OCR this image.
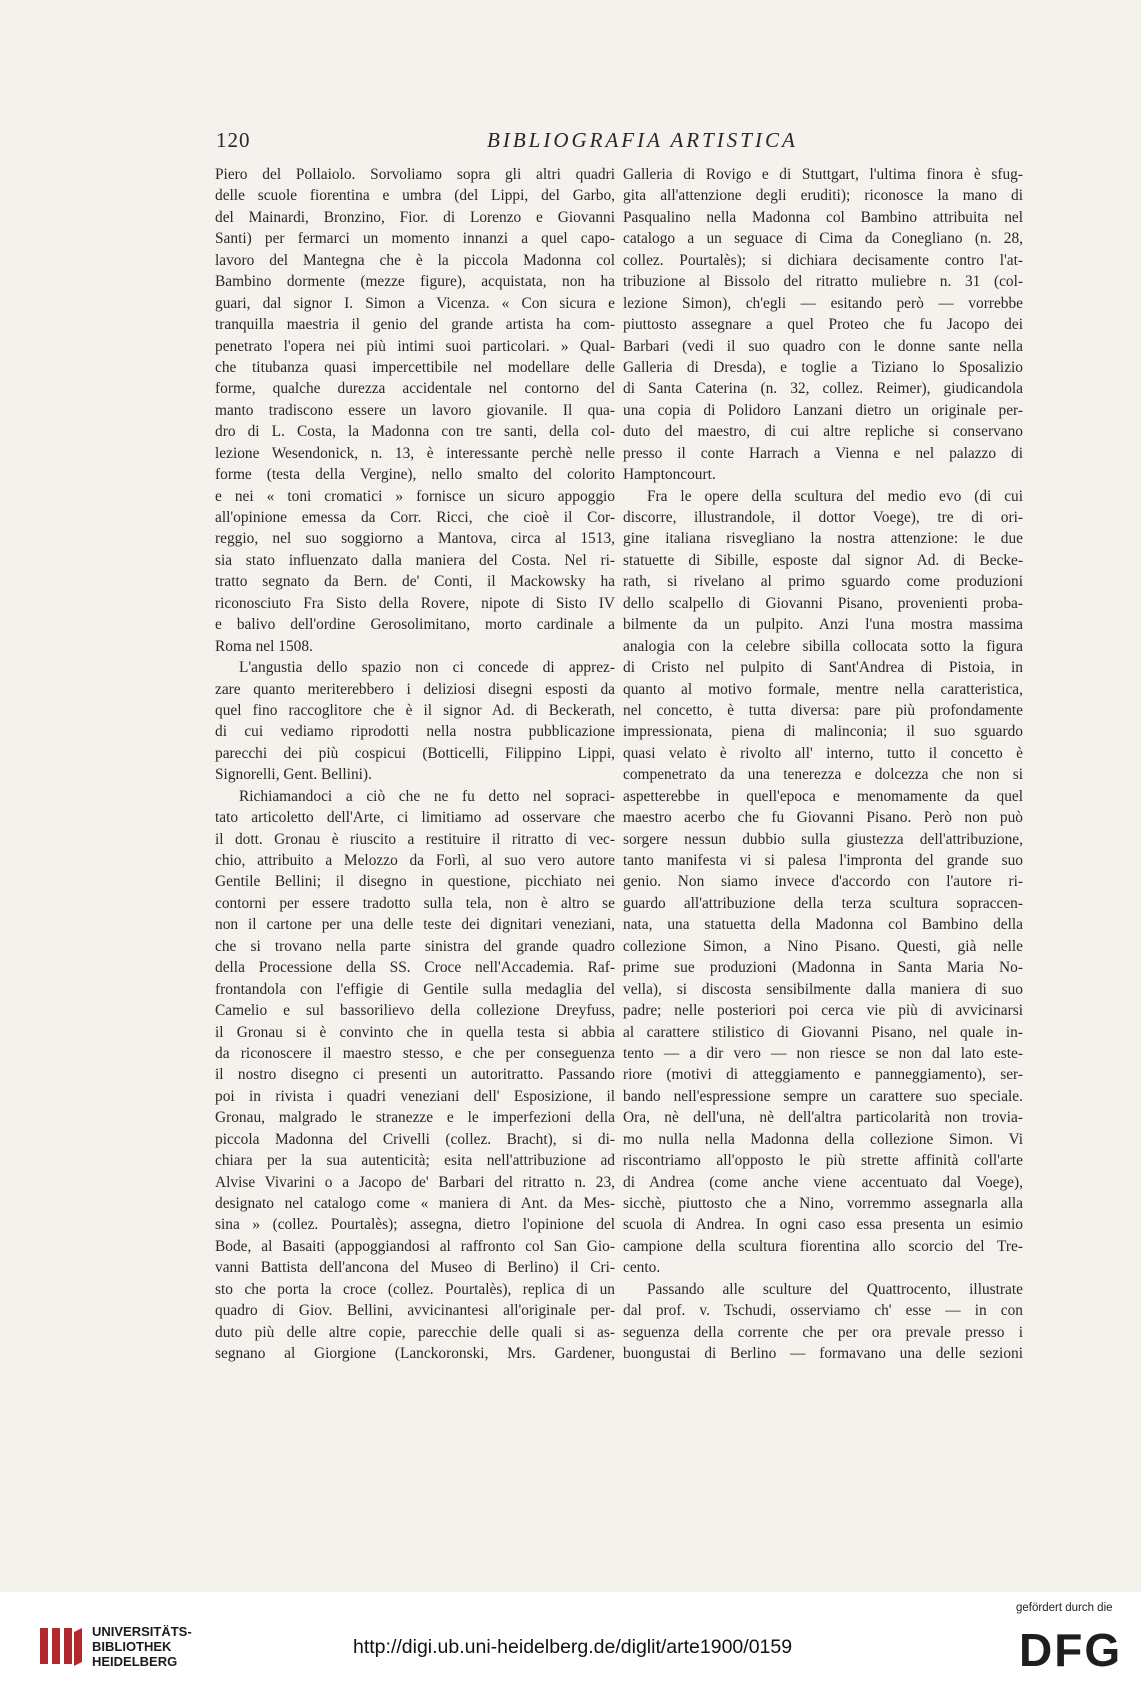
120	BIBLIOGRAFIA ARTISTICA
Piero del Pollaiolo. Sorvoliamo sopra gli altri quadri
delle scuole fiorentina e umbra (del Lippi, del Garbo,
del Mainardi, Bronzino, Fior. di Lorenzo e Giovanni
Santi) per fermarci un momento innanzi a quel capo-
lavoro del Mantegna che è la piccola Madonna col
Bambino dormente (mezze figure), acquistata, non ha
guari, dal signor I. Simon a Vicenza. « Con sicura e
tranquilla maestria il genio del grande artista ha com-
penetrato l'opera nei più intimi suoi particolari. » Qual-
che titubanza quasi impercettibile nel modellare delle
forme, qualche durezza accidentale nel contorno del
manto tradiscono essere un lavoro giovanile. Il qua-
dro di L. Costa, la Madonna con tre santi, della col-
lezione Wesendonick, n. 13, è interessante perchè nelle
forme (testa della Vergine), nello smalto del colorito
e nei « toni cromatici » fornisce un sicuro appoggio
all'opinione emessa da Corr. Ricci, che cioè il Cor-
reggio, nel suo soggiorno a Mantova, circa al 1513,
sia stato influenzato dalla maniera del Costa. Nel ri-
tratto segnato da Bern. de' Conti, il Mackowsky ha
riconosciuto Fra Sisto della Rovere, nipote di Sisto IV
e balivo dell'ordine Gerosolimitano, morto cardinale a
Roma nel 1508.
L'angustia dello spazio non ci concede di apprez-
zare quanto meriterebbero i deliziosi disegni esposti da
quel fino raccoglitore che è il signor Ad. di Beckerath,
di cui vediamo riprodotti nella nostra pubblicazione
parecchi dei più cospicui (Botticelli, Filippino Lippi,
Signorelli, Gent. Bellini).
Richiamandoci a ciò che ne fu detto nel sopraci-
tato articoletto dell'Arte, ci limitiamo ad osservare che
il dott. Gronau è riuscito a restituire il ritratto di vec-
chio, attribuito a Melozzo da Forlì, al suo vero autore
Gentile Bellini; il disegno in questione, picchiato nei
contorni per essere tradotto sulla tela, non è altro se
non il cartone per una delle teste dei dignitari veneziani,
che si trovano nella parte sinistra del grande quadro
della Processione della SS. Croce nell'Accademia. Raf-
frontandola con l'effigie di Gentile sulla medaglia del
Camelio e sul bassorilievo della collezione Dreyfuss,
il Gronau si è convinto che in quella testa si abbia
da riconoscere il maestro stesso, e che per conseguenza
il nostro disegno ci presenti un autoritratto. Passando
poi in rivista i quadri veneziani dell' Esposizione, il
Gronau, malgrado le stranezze e le imperfezioni della
piccola Madonna del Crivelli (collez. Bracht), si di-
chiara per la sua autenticità; esita nell'attribuzione ad
Alvise Vivarini o a Jacopo de' Barbari del ritratto n. 23,
designato nel catalogo come « maniera di Ant. da Mes-
sina » (collez. Pourtalès); assegna, dietro l'opinione del
Bode, al Basaiti (appoggiandosi al raffronto col San Gio-
vanni Battista dell'ancona del Museo di Berlino) il Cri-
sto che porta la croce (collez. Pourtalès), replica di un
quadro di Giov. Bellini, avvicinantesi all'originale per-
duto più delle altre copie, parecchie delle quali si as-
segnano al Giorgione (Lanckoronski, Mrs. Gardener,
Galleria di Rovigo e di Stuttgart, l'ultima finora è sfug-
gita all'attenzione degli eruditi); riconosce la mano di
Pasqualino nella Madonna col Bambino attribuita nel
catalogo a un seguace di Cima da Conegliano (n. 28,
collez. Pourtalès); si dichiara decisamente contro l'at-
tribuzione al Bissolo del ritratto muliebre n. 31 (col-
lezione Simon), ch'egli — esitando però — vorrebbe
piuttosto assegnare a quel Proteo che fu Jacopo dei
Barbari (vedi il suo quadro con le donne sante nella
Galleria di Dresda), e toglie a Tiziano lo Sposalizio
di Santa Caterina (n. 32, collez. Reimer), giudicandola
una copia di Polidoro Lanzani dietro un originale per-
duto del maestro, di cui altre repliche si conservano
presso il conte Harrach a Vienna e nel palazzo di
Hamptoncourt.
Fra le opere della scultura del medio evo (di cui
discorre, illustrandole, il dottor Voege), tre di ori-
gine italiana risvegliano la nostra attenzione: le due
statuette di Sibille, esposte dal signor Ad. di Becke-
rath, si rivelano al primo sguardo come produzioni
dello scalpello di Giovanni Pisano, provenienti proba-
bilmente da un pulpito. Anzi l'una mostra massima
analogia con la celebre sibilla collocata sotto la figura
di Cristo nel pulpito di Sant'Andrea di Pistoia, in
quanto al motivo formale, mentre nella caratteristica,
nel concetto, è tutta diversa: pare più profondamente
impressionata, piena di malinconia; il suo sguardo
quasi velato è rivolto all' interno, tutto il concetto è
compenetrato da una tenerezza e dolcezza che non si
aspetterebbe in quell'epoca e menomamente da quel
maestro acerbo che fu Giovanni Pisano. Però non può
sorgere nessun dubbio sulla giustezza dell'attribuzione,
tanto manifesta vi si palesa l'impronta del grande suo
genio. Non siamo invece d'accordo con l'autore ri-
guardo all'attribuzione della terza scultura sopraccen-
nata, una statuetta della Madonna col Bambino della
collezione Simon, a Nino Pisano. Questi, già nelle
prime sue produzioni (Madonna in Santa Maria No-
vella), si discosta sensibilmente dalla maniera di suo
padre; nelle posteriori poi cerca vie più di avvicinarsi
al carattere stilistico di Giovanni Pisano, nel quale in-
tento — a dir vero — non riesce se non dal lato este-
riore (motivi di atteggiamento e panneggiamento), ser-
bando nell'espressione sempre un carattere suo speciale.
Ora, nè dell'una, nè dell'altra particolarità non trovia-
mo nulla nella Madonna della collezione Simon. Vi
riscontriamo all'opposto le più strette affinità coll'arte
di Andrea (come anche viene accentuato dal Voege),
sicchè, piuttosto che a Nino, vorremmo assegnarla alla
scuola di Andrea. In ogni caso essa presenta un esimio
campione della scultura fiorentina allo scorcio del Tre-
cento.
Passando alle sculture del Quattrocento, illustrate
dal prof. v. Tschudi, osserviamo ch' esse — in con
seguenza della corrente che per ora prevale presso i
buongustai di Berlino — formavano una delle sezioni
UNIVERSITÄTS-
BIBLIOTHEK
HEIDELBERG
http://digi.ub.uni-heidelberg.de/diglit/arte1900/0159
gefördert durch die
DFG
